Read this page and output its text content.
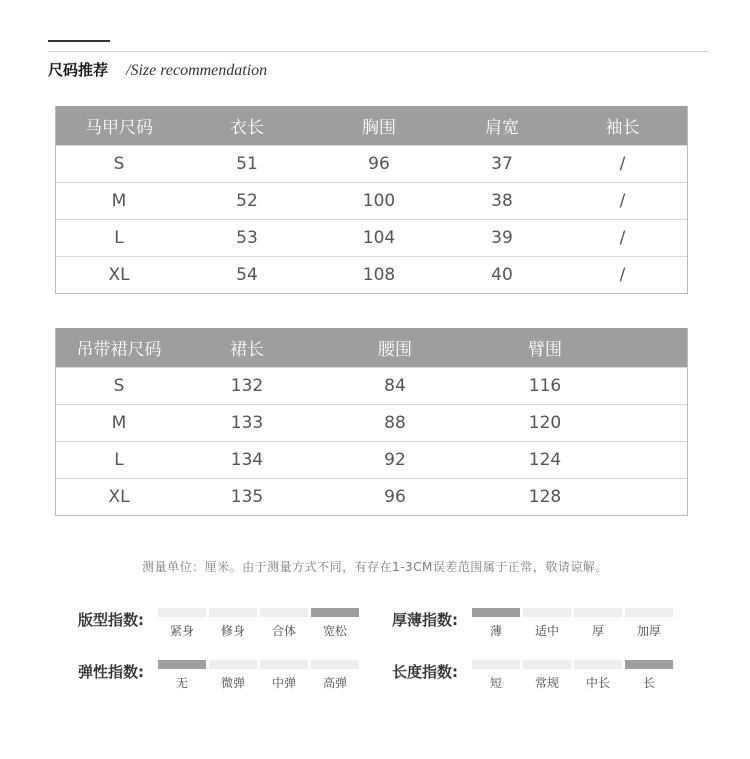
尺码推荐 /Size recommendation
马甲尺码	衣长	胸围	肩宽	袖长
S	51	96	37	/
M	52	100	38	/
L	53	104	39	/
XL	54	108	40	/
吊带裙尺码	裙长	腰围	臂围
S	132	84	116
M	133	88	120
L	134	92	124
XL	135	96	128
测量单位：厘米。由于测量方式不同，有存在1-3CM误差范围属于正常，敬请谅解。
版型指数:
紧身 修身 合体 宽松
厚薄指数:
薄	适中	厚	加厚
弹性指数:
无	微弹 中弹 高弹
长度指数:
短	常规 中长	长
